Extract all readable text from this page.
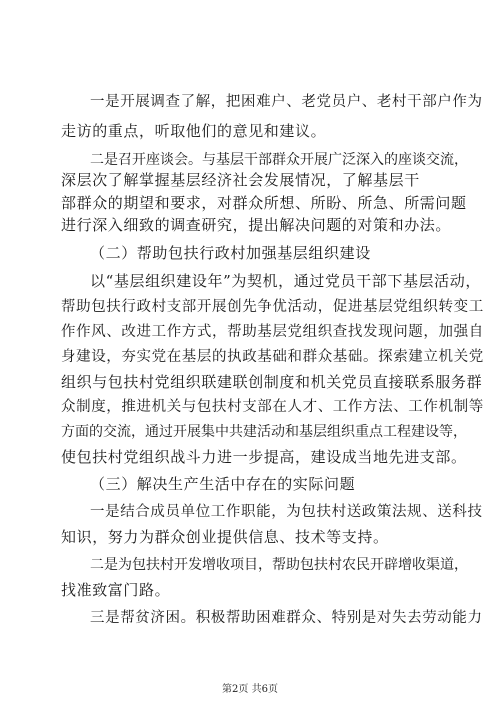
一是开展调查了解，把困难户、老党员户、老村干部户作为
走访的重点，听取他们的意见和建议。
二是召开座谈会。与基层干部群众开展广泛深入的座谈交流，
深层次了解掌握基层经济社会发展情况，了解基层干
部群众的期望和要求，对群众所想、所盼、所急、所需问题
进行深入细致的调查研究，提出解决问题的对策和办法。
（二）帮助包扶行政村加强基层组织建设
以“基层组织建设年”为契机，通过党员干部下基层活动，
帮助包扶行政村支部开展创先争优活动，促进基层党组织转变工
作作风、改进工作方式，帮助基层党组织查找发现问题，加强自
身建设，夯实党在基层的执政基础和群众基础。探索建立机关党
组织与包扶村党组织联建联创制度和机关党员直接联系服务群
众制度，推进机关与包扶村支部在人才、工作方法、工作机制等
方面的交流，通过开展集中共建活动和基层组织重点工程建设等，
使包扶村党组织战斗力进一步提高，建设成当地先进支部。
（三）解决生产生活中存在的实际问题
一是结合成员单位工作职能，为包扶村送政策法规、送科技
知识，努力为群众创业提供信息、技术等支持。
二是为包扶村开发增收项目，帮助包扶村农民开辟增收渠道，
找准致富门路。
三是帮贫济困。积极帮助困难群众、特别是对失去劳动能力
第2页 共6页
